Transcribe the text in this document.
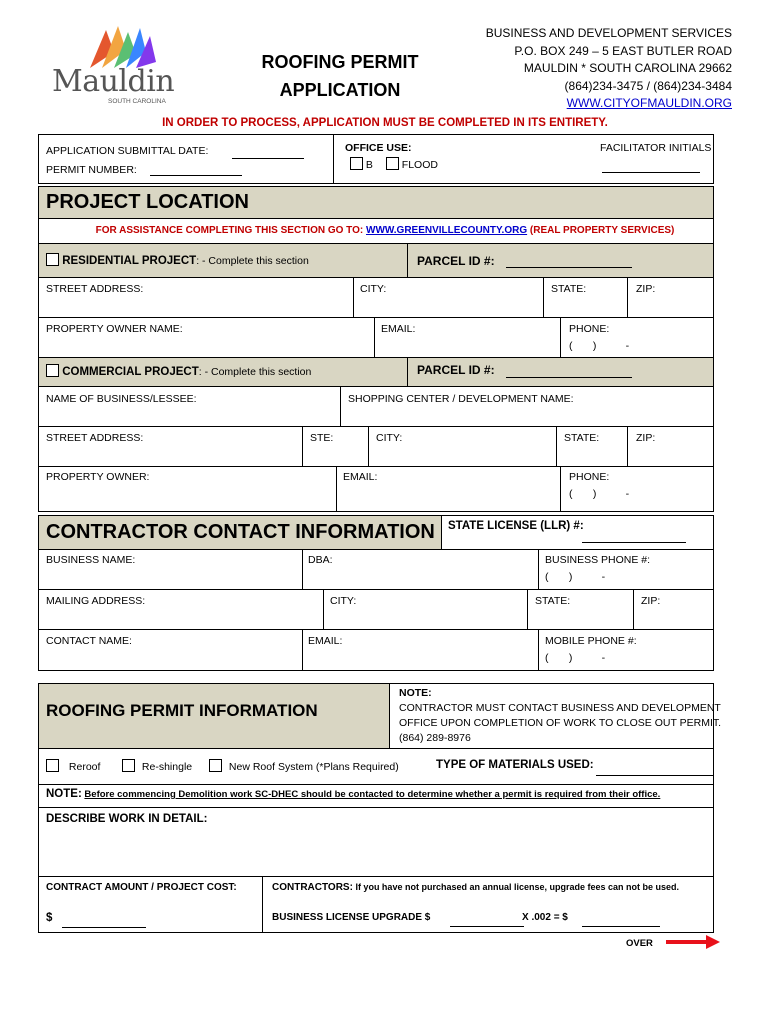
Mauldin
SOUTH CAROLINA
ROOFING PERMIT
APPLICATION
BUSINESS AND DEVELOPMENT SERVICES
P.O. BOX 249 – 5 EAST BUTLER ROAD
MAULDIN * SOUTH CAROLINA 29662
(864)234-3475 / (864)234-3484
WWW.CITYOFMAULDIN.ORG
IN ORDER TO PROCESS, APPLICATION MUST BE COMPLETED IN ITS ENTIRETY.
APPLICATION SUBMITTAL DATE:
PERMIT NUMBER:
OFFICE USE:
B	FLOOD
FACILITATOR INITIALS
PROJECT LOCATION
FOR ASSISTANCE COMPLETING THIS SECTION GO TO: WWW.GREENVILLECOUNTY.ORG (REAL PROPERTY SERVICES)
RESIDENTIAL PROJECT: - Complete this section	PARCEL ID #:
STREET ADDRESS:	CITY:	STATE:	ZIP:
PROPERTY OWNER NAME:	EMAIL:	PHONE:
(       )          -
COMMERCIAL PROJECT: - Complete this section	PARCEL ID #:
NAME OF BUSINESS/LESSEE:	SHOPPING CENTER / DEVELOPMENT NAME:
STREET ADDRESS:	STE:	CITY:	STATE:	ZIP:
PROPERTY OWNER:	EMAIL:	PHONE:
(       )          -
CONTRACTOR CONTACT INFORMATION STATE LICENSE (LLR) #:
BUSINESS NAME:	DBA:	BUSINESS PHONE #:
(       )          -
MAILING ADDRESS:	CITY:	STATE:	ZIP:
CONTACT NAME:	EMAIL:	MOBILE PHONE #:
(       )          -
ROOFING PERMIT INFORMATION
NOTE:
CONTRACTOR MUST CONTACT BUSINESS AND DEVELOPMENT
OFFICE UPON COMPLETION OF WORK TO CLOSE OUT PERMIT.
(864) 289-8976
Reroof	Re-shingle	New Roof System (*Plans Required)	TYPE OF MATERIALS USED:
NOTE: Before commencing Demolition work SC-DHEC should be contacted to determine whether a permit is required from their office.
DESCRIBE WORK IN DETAIL:
CONTRACT AMOUNT / PROJECT COST:	CONTRACTORS: If you have not purchased an annual license, upgrade fees can not be used.
$	BUSINESS LICENSE UPGRADE $	X .002 = $
OVER
